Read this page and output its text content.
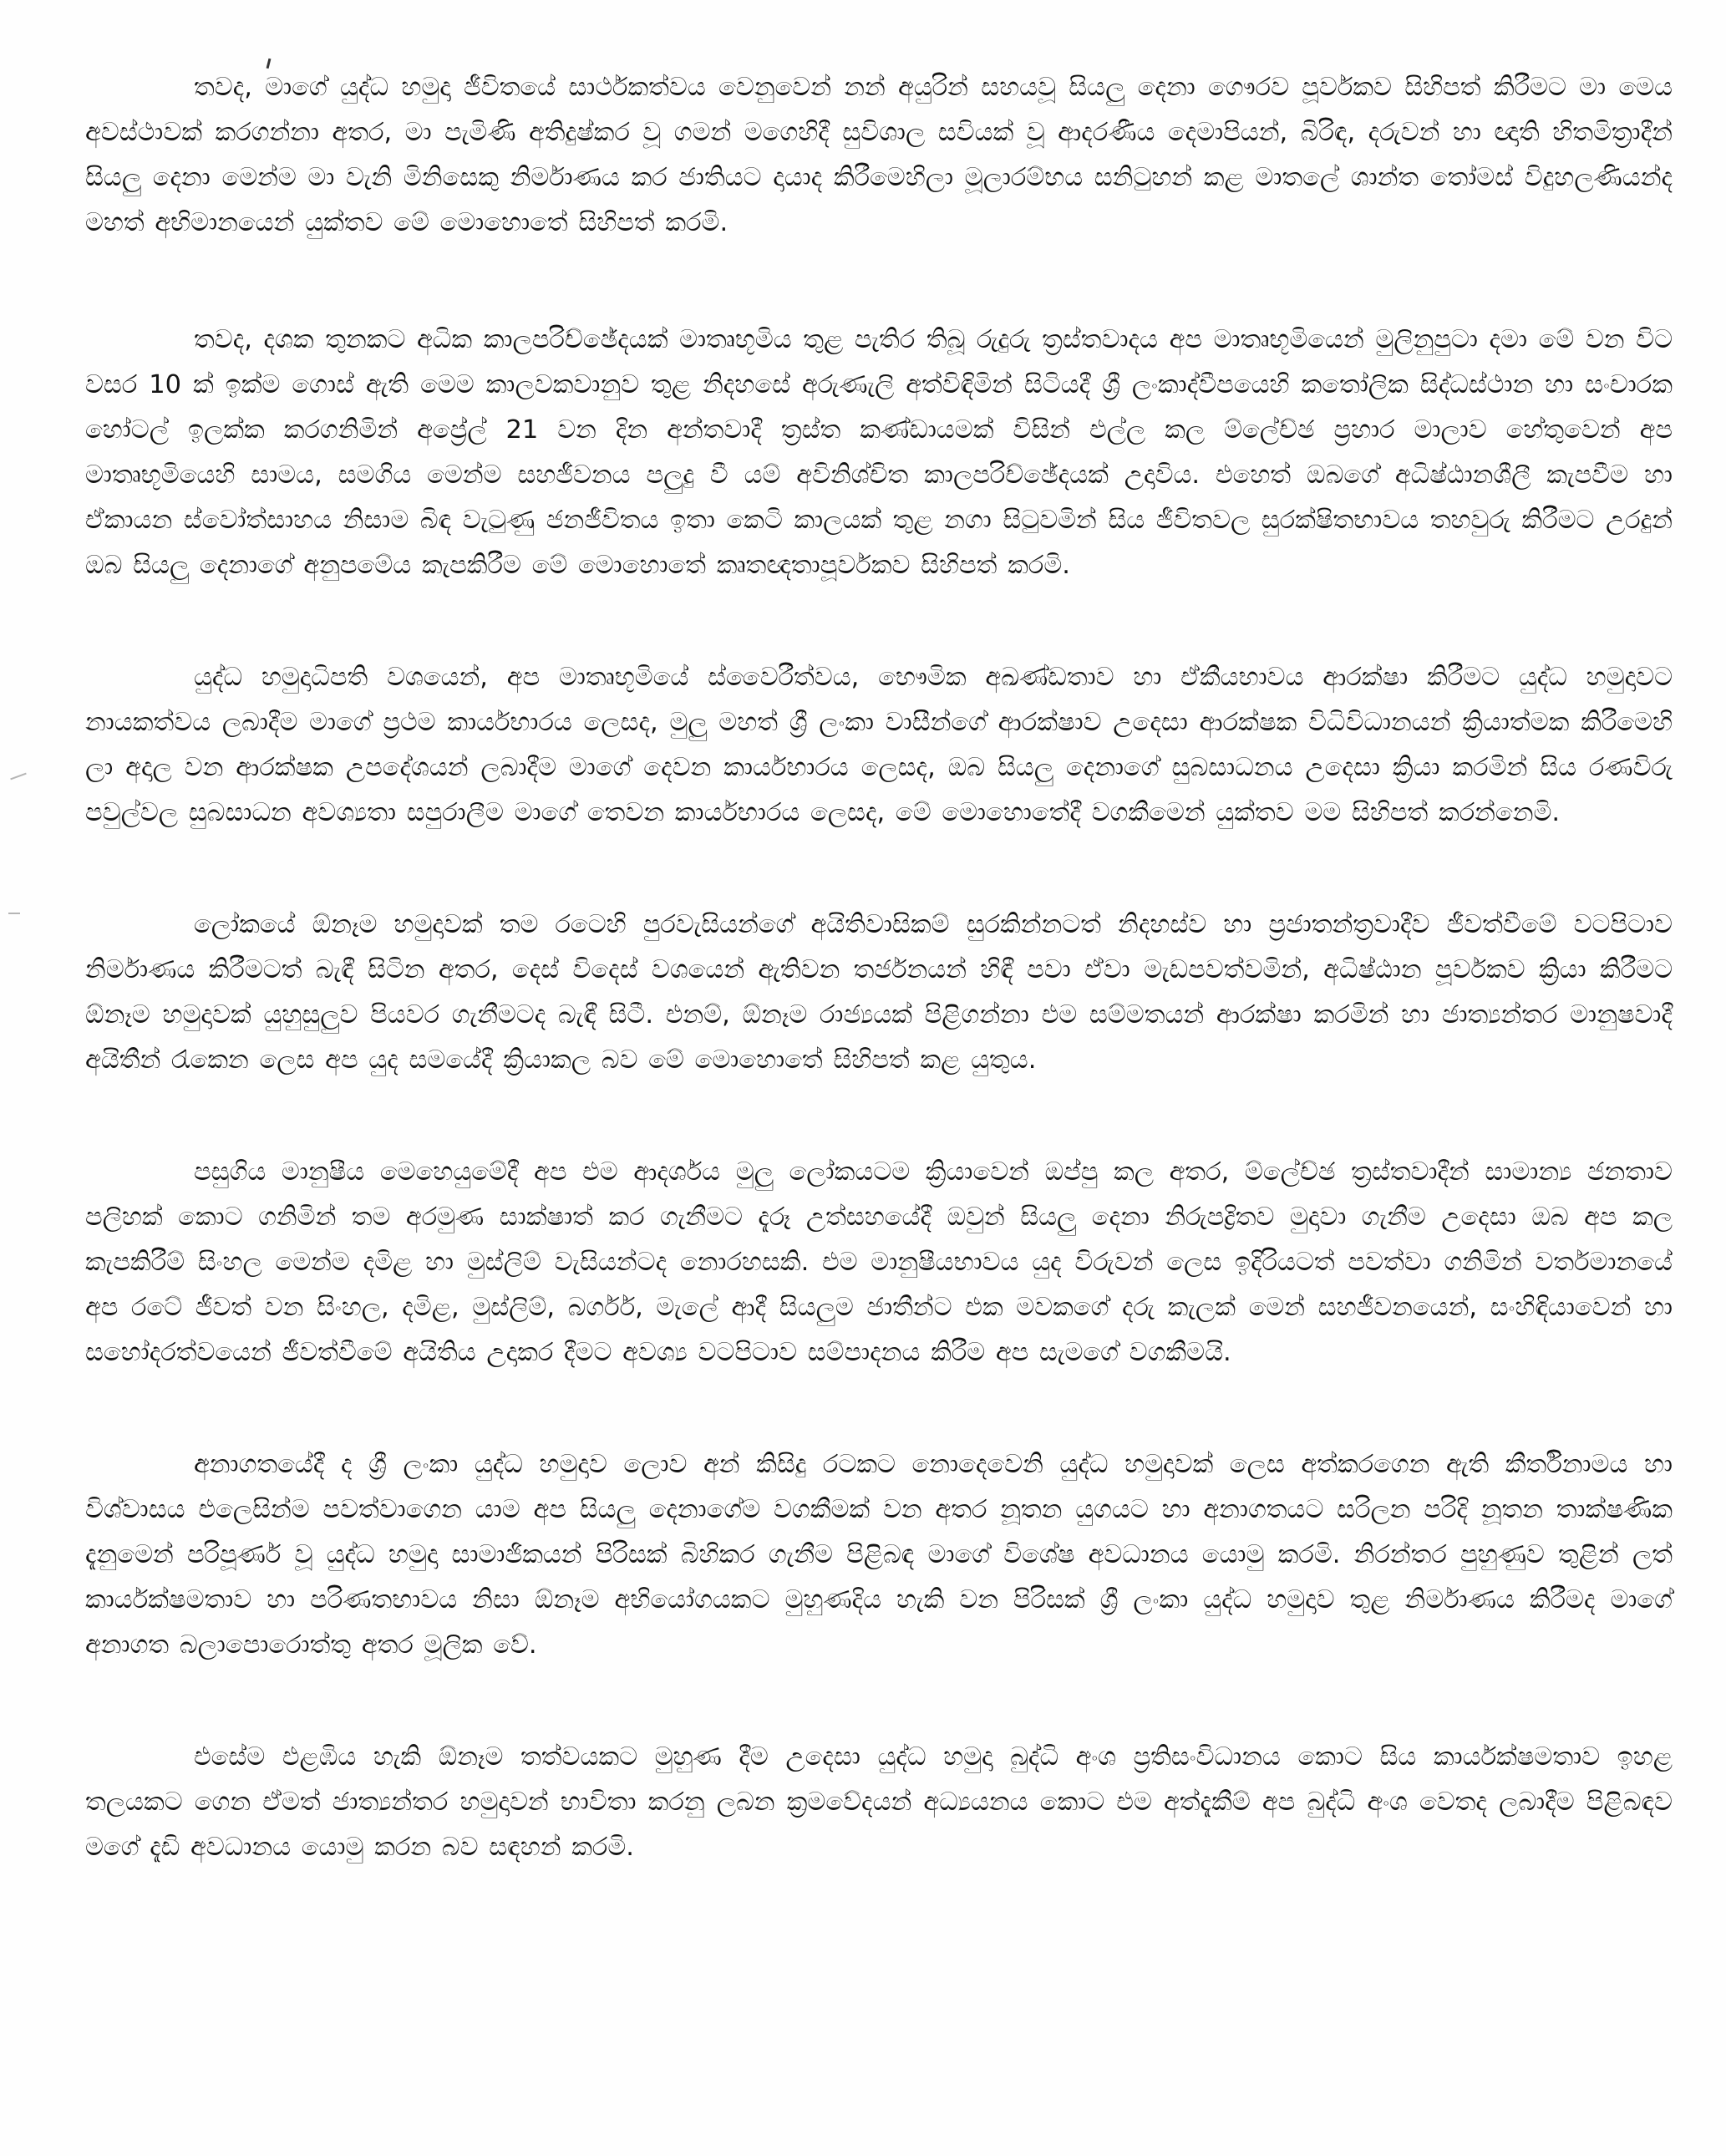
තවද, මාගේ යුද්ධ හමුදා ජීවිතයේ සාර්ථකත්වය වෙනුවෙන් නන් අයුරින් සහයවූ සියලු දෙනා ගෞරව පූර්වකව සිහිපත් කිරීමට මා මෙය අවස්ථාවක් කරගන්නා අතර, මා පැමිණි අතිදුෂ්කර වූ ගමන් මගෙහිදී සුවිශාල සවියක් වූ ආදරණීය දෙමාපියන්, බිරිඳ, දරුවන් හා ඥාති හිතමිත්‍රාදීන් සියලු දෙනා මෙන්ම මා වැනි මිනිසෙකු නිර්මාණය කර ජාතියට දායාද කිරීමෙහිලා මූලාරම්භය සනිටුහන් කළ මාතලේ ශාන්ත තෝමස් විදුහලණියන්ද මහත් අභිමානයෙන් යුක්තව මේ මොහොතේ සිහිපත් කරමි.

තවද, දශක තුනකට අධික කාලපරිච්ඡේදයක් මාතෘභූමිය තුළ පැතිර තිබූ රුදුරු ත්‍රස්තවාදය අප මාතෘභූමියෙන් මුලිනුපුටා දමා මේ වන විට වසර 10 ක් ඉක්ම ගොස් ඇති මෙම කාලවකවානුව තුළ නිදහසේ අරුණැලි අත්විඳිමින් සිටියදී ශ්‍රී ලංකාද්වීපයෙහි කතෝලික සිද්ධස්ථාන හා සංචාරක හෝටල් ඉලක්ක කරගනිමින් අප්‍රේල් 21 වන දින අන්තවාදී ත්‍රස්ත කණ්ඩායමක් විසින් එල්ල කල ම්ලේච්ඡ ප්‍රහාර මාලාව හේතුවෙන් අප මාතෘභූමියෙහි සාමය, සමගිය මෙන්ම සහජීවනය පලුදු වී යම් අවිනිශ්චිත කාලපරිච්ඡේදයක් උදාවිය. එහෙත් ඔබගේ අධිෂ්ඨානශීලී කැපවීම හා ඒකායන ස්වෝත්සාහය නිසාම බිඳ වැටුණු ජනජීවිතය ඉතා කෙටි කාලයක් තුළ නගා සිටුවමින් සිය ජීවිතවල සුරක්ෂිතභාවය තහවුරු කිරීමට උරදුන් ඔබ සියලු දෙනාගේ අනුපමේය කැපකිරීම මේ මොහොතේ කෘතඥතාපූර්වකව සිහිපත් කරමි.

යුද්ධ හමුදාධිපති වශයෙන්, අප මාතෘභූමියේ ස්වෛරීත්වය, භෞමික අඛණ්ඩතාව හා ඒකීයභාවය ආරක්ෂා කිරීමට යුද්ධ හමුදාවට නායකත්වය ලබාදීම මාගේ ප්‍රථම කාර්යභාරය ලෙසද, මුලු මහත් ශ්‍රී ලංකා වාසීන්ගේ ආරක්ෂාව උදෙසා ආරක්ෂක විධිවිධානයන් ක්‍රියාත්මක කිරීමෙහි ලා අදාල වන ආරක්ෂක උපදේශයන් ලබාදීම මාගේ දෙවන කාර්යභාරය ලෙසද, ඔබ සියලු දෙනාගේ සුබසාධනය උදෙසා ක්‍රියා කරමින් සිය රණවිරු පවුල්වල සුබසාධන අවශ්‍යතා සපුරාලීම මාගේ තෙවන කාර්යභාරය ලෙසද, මේ මොහොතේදී වගකීමෙන් යුක්තව මම සිහිපත් කරන්නෙමි.

ලෝකයේ ඕනෑම හමුදාවක් තම රටෙහි පුරවැසියන්ගේ අයිතිවාසිකම් සුරකින්නටත් නිදහස්ව හා ප්‍රජාතන්ත්‍රවාදීව ජීවත්වීමේ වටපිටාව නිර්මාණය කිරීමටත් බැඳී සිටින අතර, දෙස් විදෙස් වශයෙන් ඇතිවන තර්ජනයන් හිඳී පවා ඒවා මැඩපවත්වමින්, අධිෂ්ඨාන පූර්වකව ක්‍රියා කිරීමට ඕනෑම හමුදාවක් යුහුසුලුව පියවර ගැනීමටද බැඳී සිටී. එනම්, ඕනෑම රාජ්‍යයක් පිළිගන්නා එම සම්මතයන් ආරක්ෂා කරමින් හා ජාත්‍යන්තර මානුෂවාදී අයිතීන් රැකෙන ලෙස අප යුද සමයේදී ක්‍රියාකල බව මේ මොහොතේ සිහිපත් කළ යුතුය.

පසුගිය මානුෂීය මෙහෙයුමේදී අප එම ආදර්ශය මුලු ලෝකයටම ක්‍රියාවෙන් ඔප්පු කල අතර, ම්ලේච්ඡ ත්‍රස්තවාදීන් සාමාන්‍ය ජනතාව පලිහක් කොට ගනිමින් තම අරමුණ සාක්ෂාත් කර ගැනීමට දැරූ උත්සහයේදී ඔවුන් සියලු දෙනා නිරුපද්‍රිතව මුදාවා ගැනීම උදෙසා ඔබ අප කල කැපකිරීම් සිංහල මෙන්ම දමිළ හා මුස්ලිම් වැසියන්ටද නොරහසකි. එම මානුෂීයභාවය යුද විරුවන් ලෙස ඉදිරියටත් පවත්වා ගනිමින් වර්තමානයේ අප රටේ ජීවත් වන සිංහල, දමිළ, මුස්ලිම්, බර්ගර්, මැලේ ආදී සියලුම ජාතීන්ට එක මවකගේ දරු කැලක් මෙන් සහජීවනයෙන්, සංහිඳියාවෙන් හා සහෝදරත්වයෙන් ජීවත්වීමේ අයිතිය උදාකර දීමට අවශ්‍ය වටපිටාව සම්පාදනය කිරීම අප සැමගේ වගකීමයි.

අනාගතයේදී ද ශ්‍රී ලංකා යුද්ධ හමුදාව ලොව අන් කිසිදු රටකට නොදෙවෙනි යුද්ධ හමුදාවක් ලෙස අත්කරගෙන ඇති කීර්තිනාමය හා විශ්වාසය එලෙසින්ම පවත්වාගෙන යාම අප සියලු දෙනාගේම වගකීමක් වන අතර නූතන යුගයට හා අනාගතයට සරිලන පරිදි නූතන තාක්ෂණික දැනුමෙන් පරිපූර්ණ වූ යුද්ධ හමුදා සාමාජිකයන් පිරිසක් බිහිකර ගැනීම පිළිබඳ මාගේ විශේෂ අවධානය යොමු කරමි. නිරන්තර පුහුණුව තුළින් ලත් කාර්යක්ෂමතාව හා පරිණතභාවය නිසා ඕනෑම අභියෝගයකට මුහුණදිය හැකි වන පිරිසක් ශ්‍රී ලංකා යුද්ධ හමුදාව තුළ නිර්මාණය කිරීමද මාගේ අනාගත බලාපොරොත්තු අතර මූලික වේ.

එසේම එළඹිය හැකි ඕනෑම තත්වයකට මුහුණ දීම උදෙසා යුද්ධ හමුදා බුද්ධි අංශ ප්‍රතිසංවිධානය කොට සිය කාර්යක්ෂමතාව ඉහළ තලයකට ගෙන ඒමත් ජාත්‍යන්තර හමුදාවන් භාවිතා කරනු ලබන ක්‍රමවේදයන් අධ්‍යයනය කොට එම අත්දැකීම් අප බුද්ධි අංශ වෙතද ලබාදීම පිළිබඳව මගේ දැඩි අවධානය යොමු කරන බව සඳහන් කරමි.
